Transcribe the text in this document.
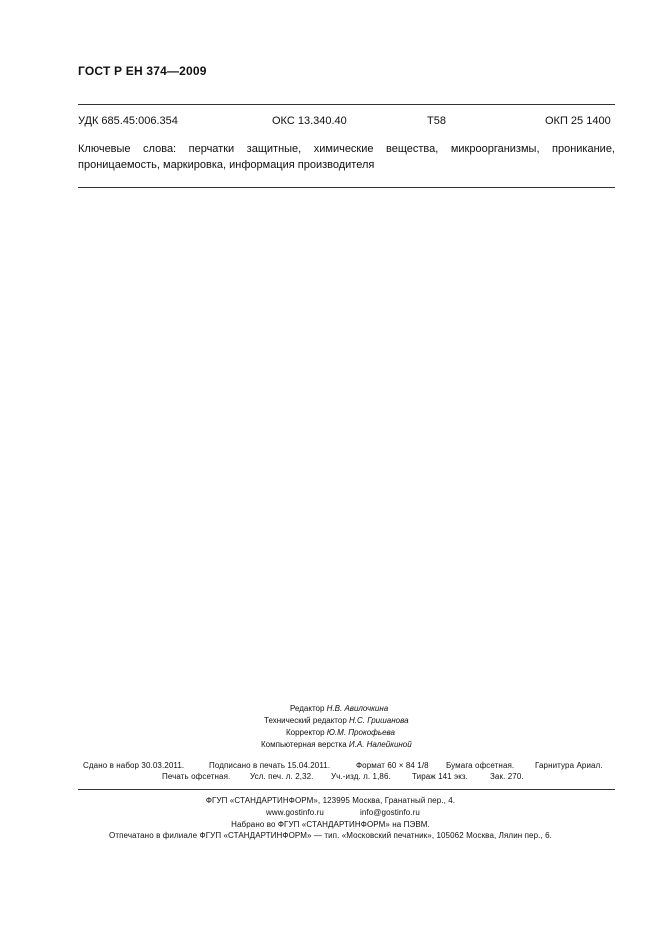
ГОСТ Р ЕН 374—2009
УДК 685.45:006.354	ОКС 13.340.40	Т58	ОКП 25 1400
Ключевые слова: перчатки защитные, химические вещества, микроорганизмы, проникание, проницаемость, маркировка, информация производителя
Редактор Н.В. Авилочкина
Технический редактор Н.С. Гришанова
Корректор Ю.М. Прокофьева
Компьютерная верстка И.А. Налейкиной
Сдано в набор 30.03.2011.	Подписано в печать 15.04.2011.	Формат 60 × 84 1/8 Бумага офсетная.	Гарнитура Ариал.
Печать офсетная. Усл. печ. л. 2,32. Уч.-изд. л. 1,86.	Тираж 141 экз.	Зак. 270.
ФГУП «СТАНДАРТИНФОРМ», 123995 Москва, Гранатный пер., 4.
www.gostinfo.ru	info@gostinfo.ru
Набрано во ФГУП «СТАНДАРТИНФОРМ» на ПЭВМ.
Отпечатано в филиале ФГУП «СТАНДАРТИНФОРМ» — тип. «Московский печатник», 105062 Москва, Лялин пер., 6.
